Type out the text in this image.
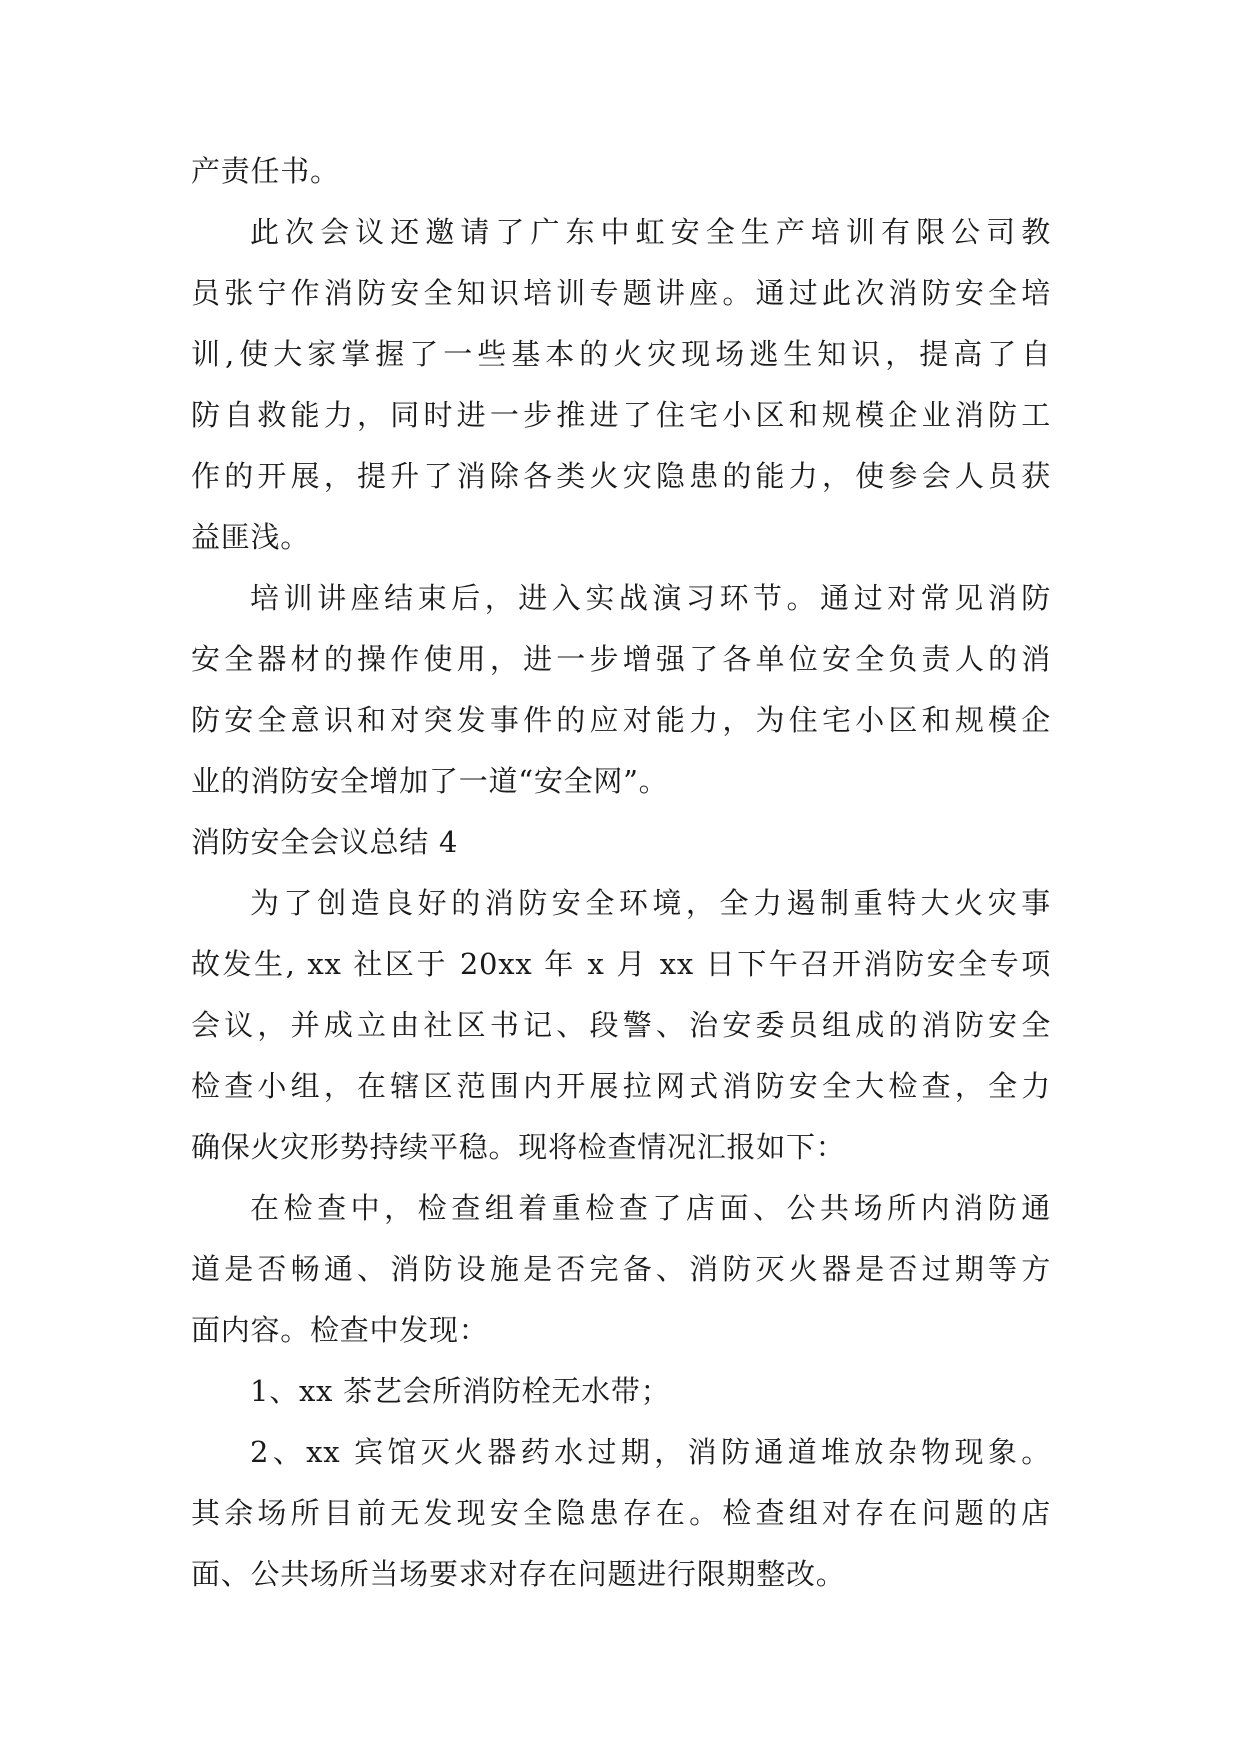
产责任书。
此次会议还邀请了广东中虹安全生产培训有限公司教
员张宁作消防安全知识培训专题讲座。通过此次消防安全培
训,使大家掌握了一些基本的火灾现场逃生知识，提高了自
防自救能力，同时进一步推进了住宅小区和规模企业消防工
作的开展，提升了消除各类火灾隐患的能力，使参会人员获
益匪浅。
培训讲座结束后，进入实战演习环节。通过对常见消防
安全器材的操作使用，进一步增强了各单位安全负责人的消
防安全意识和对突发事件的应对能力，为住宅小区和规模企
业的消防安全增加了一道“安全网”。
消防安全会议总结 4
为了创造良好的消防安全环境，全力遏制重特大火灾事
故发生, xx 社区于 20xx 年 x 月 xx 日下午召开消防安全专项
会议，并成立由社区书记、段警、治安委员组成的消防安全
检查小组，在辖区范围内开展拉网式消防安全大检查，全力
确保火灾形势持续平稳。现将检查情况汇报如下：
在检查中，检查组着重检查了店面、公共场所内消防通
道是否畅通、消防设施是否完备、消防灭火器是否过期等方
面内容。检查中发现：
1、xx 茶艺会所消防栓无水带；
2、xx 宾馆灭火器药水过期，消防通道堆放杂物现象。
其余场所目前无发现安全隐患存在。检查组对存在问题的店
面、公共场所当场要求对存在问题进行限期整改。
